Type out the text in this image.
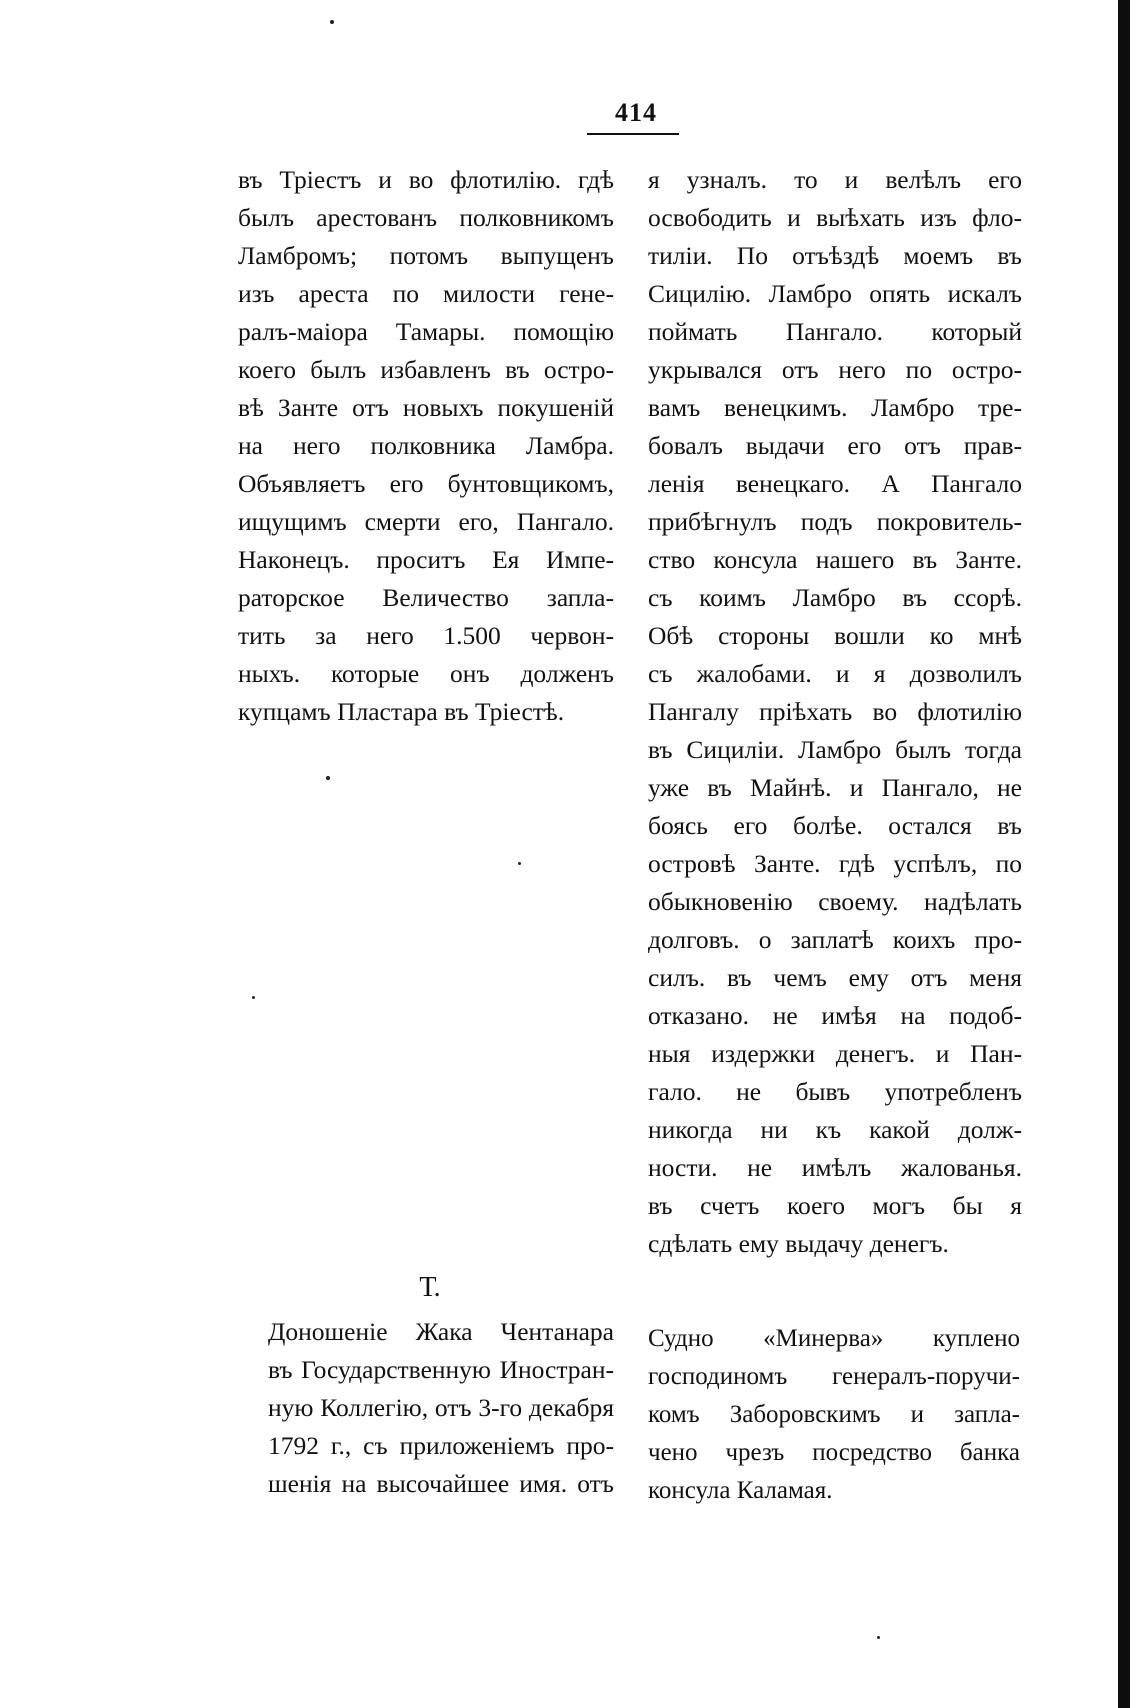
414
въ Тріестъ и во флотилію. гдѣ
былъ арестованъ полковникомъ
Ламбромъ; потомъ выпущенъ
изъ ареста по милости гене-
ралъ-маіора Тамары. помощію
коего былъ избавленъ въ остро-
вѣ Занте отъ новыхъ покушеній
на него полковника Ламбра.
Объявляетъ его бунтовщикомъ,
ищущимъ смерти его, Пангало.
Наконецъ. проситъ Ея Импе-
раторское Величество запла-
тить за него 1.500 червон-
ныхъ. которые онъ долженъ
купцамъ Пластара въ Тріестѣ.
я узналъ. то и велѣлъ его
освободить и выѣхать изъ фло-
тиліи. По отъѣздѣ моемъ въ
Сицилію. Ламбро опять искалъ
поймать Пангало. который
укрывался отъ него по остро-
вамъ венецкимъ. Ламбро тре-
бовалъ выдачи его отъ прав-
ленія венецкаго. А Пангало
прибѣгнулъ подъ покровитель-
ство консула нашего въ Занте.
съ коимъ Ламбро въ ссорѣ.
Обѣ стороны вошли ко мнѣ
съ жалобами. и я дозволилъ
Пангалу пріѣхать во флотилію
въ Сициліи. Ламбро былъ тогда
уже въ Майнѣ. и Пангало, не
боясь его болѣе. остался въ
островѣ Занте. гдѣ успѣлъ, по
обыкновенію своему. надѣлать
долговъ. о заплатѣ коихъ про-
силъ. въ чемъ ему отъ меня
отказано. не имѣя на подоб-
ныя издержки денегъ. и Пан-
гало. не бывъ употребленъ
никогда ни къ какой долж-
ности. не имѣлъ жалованья.
въ счетъ коего могъ бы я
сдѣлать ему выдачу денегъ.
Т.
Доношеніе Жака Чентанара
въ Государственную Иностран-
ную Коллегію, отъ 3-го декабря
1792 г., съ приложеніемъ про-
шенія на высочайшее имя. отъ
Судно «Минерва» куплено
господиномъ генералъ-поручи-
комъ Заборовскимъ и запла-
чено чрезъ посредство банка
консула Каламая.
